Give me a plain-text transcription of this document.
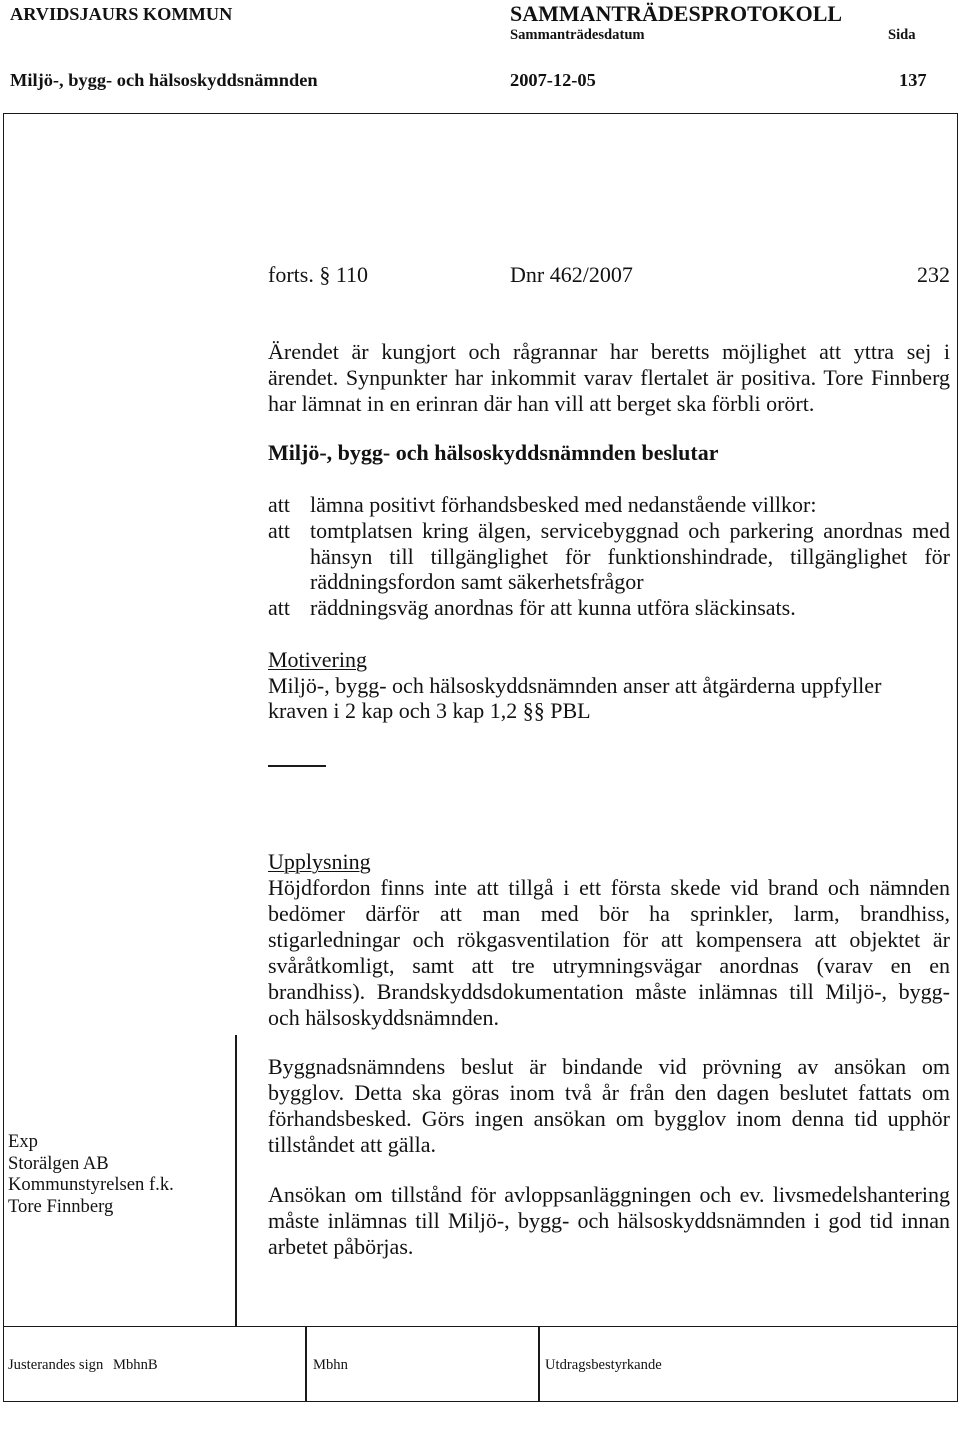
ARVIDSJAURS KOMMUN	SAMMANTRÄDESPROTOKOLL
Sammanträdesdatum	Sida
Miljö-, bygg- och hälsoskyddsnämnden	2007-12-05	137
forts. § 110	Dnr 462/2007	232
Ärendet är kungjort och rågrannar har beretts möjlighet att yttra sej i
ärendet. Synpunkter har inkommit varav flertalet är positiva. Tore Finnberg
har lämnat in en erinran där han vill att berget ska förbli orört.
Miljö-, bygg- och hälsoskyddsnämnden beslutar
att lämna positivt förhandsbesked med nedanstående villkor:
att tomtplatsen kring älgen, servicebyggnad och parkering anordnas med
hänsyn till tillgänglighet för funktionshindrade, tillgänglighet för
räddningsfordon samt säkerhetsfrågor
att räddningsväg anordnas för att kunna utföra släckinsats.
Motivering
Miljö-, bygg- och hälsoskyddsnämnden anser att åtgärderna uppfyller
kraven i 2 kap och 3 kap 1,2 §§ PBL
Upplysning
Höjdfordon finns inte att tillgå i ett första skede vid brand och nämnden
bedömer därför att man med bör ha sprinkler, larm, brandhiss,
stigarledningar och rökgasventilation för att kompensera att objektet är
svåråtkomligt, samt att tre utrymningsvägar anordnas (varav en en
brandhiss). Brandskyddsdokumentation måste inlämnas till Miljö-, bygg-
och hälsoskyddsnämnden.
Byggnadsnämndens beslut är bindande vid prövning av ansökan om
bygglov. Detta ska göras inom två år från den dagen beslutet fattats om
förhandsbesked. Görs ingen ansökan om bygglov inom denna tid upphör
tillståndet att gälla.
Ansökan om tillstånd för avloppsanläggningen och ev. livsmedelshantering
måste inlämnas till Miljö-, bygg- och hälsoskyddsnämnden i god tid innan
arbetet påbörjas.
Exp
Storälgen AB
Kommunstyrelsen f.k.
Tore Finnberg
Justerandes sign MbhnB	Mbhn	Utdragsbestyrkande
